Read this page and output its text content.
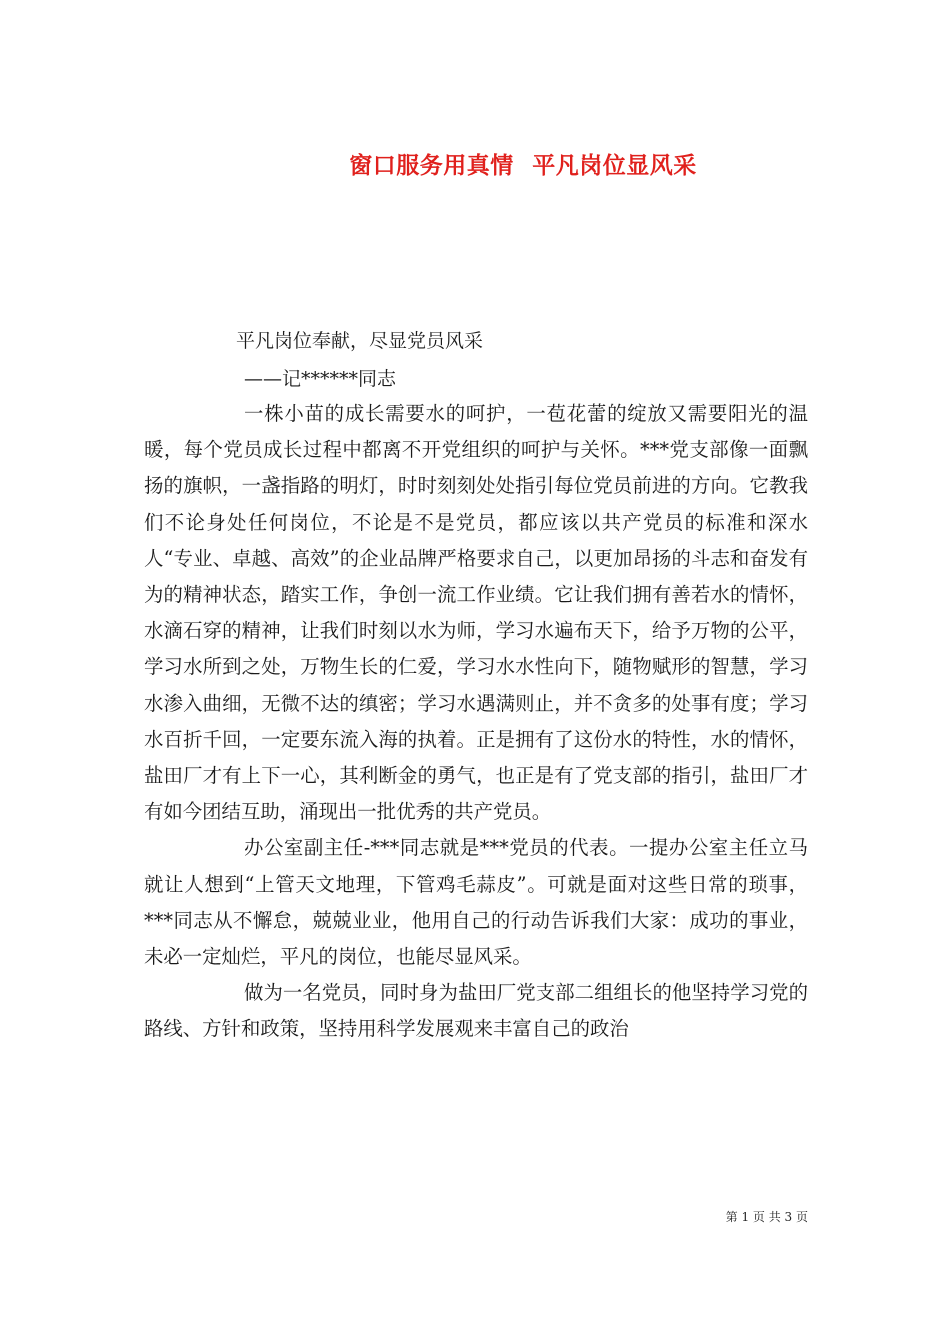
窗口服务用真情 平凡岗位显风采
平凡岗位奉献，尽显党员风采
——记******同志

一株小苗的成长需要水的呵护，一苞花蕾的绽放又需要阳光的温暖，每个党员成长过程中都离不开党组织的呵护与关怀。***党支部像一面飘扬的旗帜，一盏指路的明灯，时时刻刻处处指引每位党员前进的方向。它教我们不论身处任何岗位，不论是不是党员，都应该以共产党员的标准和深水人“专业、卓越、高效”的企业品牌严格要求自己，以更加昂扬的斗志和奋发有为的精神状态，踏实工作，争创一流工作业绩。它让我们拥有善若水的情怀，水滴石穿的精神，让我们时刻以水为师，学习水遍布天下，给予万物的公平，学习水所到之处，万物生长的仁爱，学习水水性向下，随物赋形的智慧，学习水渗入曲细，无微不达的缜密；学习水遇满则止，并不贪多的处事有度；学习水百折千回，一定要东流入海的执着。正是拥有了这份水的特性，水的情怀，盐田厂才有上下一心，其利断金的勇气，也正是有了党支部的指引，盐田厂才有如今团结互助，涌现出一批优秀的共产党员。

办公室副主任-***同志就是***党员的代表。一提办公室主任立马就让人想到“上管天文地理，下管鸡毛蒜皮”。可就是面对这些日常的琐事，***同志从不懈怠，兢兢业业，他用自己的行动告诉我们大家：成功的事业，未必一定灿烂，平凡的岗位，也能尽显风采。

做为一名党员，同时身为盐田厂党支部二组组长的他坚持学习党的路线、方针和政策，坚持用科学发展观来丰富自己的政治

第 1 页 共 3 页
